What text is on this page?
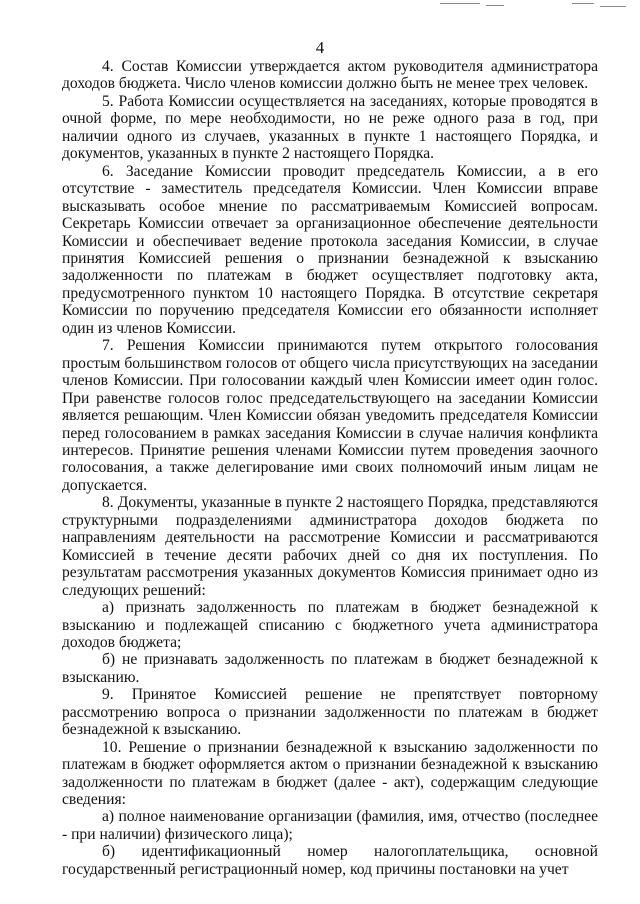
4

4. Состав Комиссии утверждается актом руководителя администратора доходов бюджета. Число членов комиссии должно быть не менее трех человек.

5. Работа Комиссии осуществляется на заседаниях, которые проводятся в очной форме, по мере необходимости, но не реже одного раза в год, при наличии одного из случаев, указанных в пункте 1 настоящего Порядка, и документов, указанных в пункте 2 настоящего Порядка.

6. Заседание Комиссии проводит председатель Комиссии, а в его отсутствие - заместитель председателя Комиссии. Член Комиссии вправе высказывать особое мнение по рассматриваемым Комиссией вопросам. Секретарь Комиссии отвечает за организационное обеспечение деятельности Комиссии и обеспечивает ведение протокола заседания Комиссии, в случае принятия Комиссией решения о признании безнадежной к взысканию задолженности по платежам в бюджет осуществляет подготовку акта, предусмотренного пунктом 10 настоящего Порядка. В отсутствие секретаря Комиссии по поручению председателя Комиссии его обязанности исполняет один из членов Комиссии.

7. Решения Комиссии принимаются путем открытого голосования простым большинством голосов от общего числа присутствующих на заседании членов Комиссии. При голосовании каждый член Комиссии имеет один голос. При равенстве голосов голос председательствующего на заседании Комиссии является решающим. Член Комиссии обязан уведомить председателя Комиссии перед голосованием в рамках заседания Комиссии в случае наличия конфликта интересов. Принятие решения членами Комиссии путем проведения заочного голосования, а также делегирование ими своих полномочий иным лицам не допускается.

8. Документы, указанные в пункте 2 настоящего Порядка, представляются структурными подразделениями администратора доходов бюджета по направлениям деятельности на рассмотрение Комиссии и рассматриваются Комиссией в течение десяти рабочих дней со дня их поступления. По результатам рассмотрения указанных документов Комиссия принимает одно из следующих решений:

а) признать задолженность по платежам в бюджет безнадежной к взысканию и подлежащей списанию с бюджетного учета администратора доходов бюджета;

б) не признавать задолженность по платежам в бюджет безнадежной к взысканию.

9. Принятое Комиссией решение не препятствует повторному рассмотрению вопроса о признании задолженности по платежам в бюджет безнадежной к взысканию.

10. Решение о признании безнадежной к взысканию задолженности по платежам в бюджет оформляется актом о признании безнадежной к взысканию задолженности по платежам в бюджет (далее - акт), содержащим следующие сведения:

а) полное наименование организации (фамилия, имя, отчество (последнее - при наличии) физического лица);

б) идентификационный номер налогоплательщика, основной государственный регистрационный номер, код причины постановки на учет
